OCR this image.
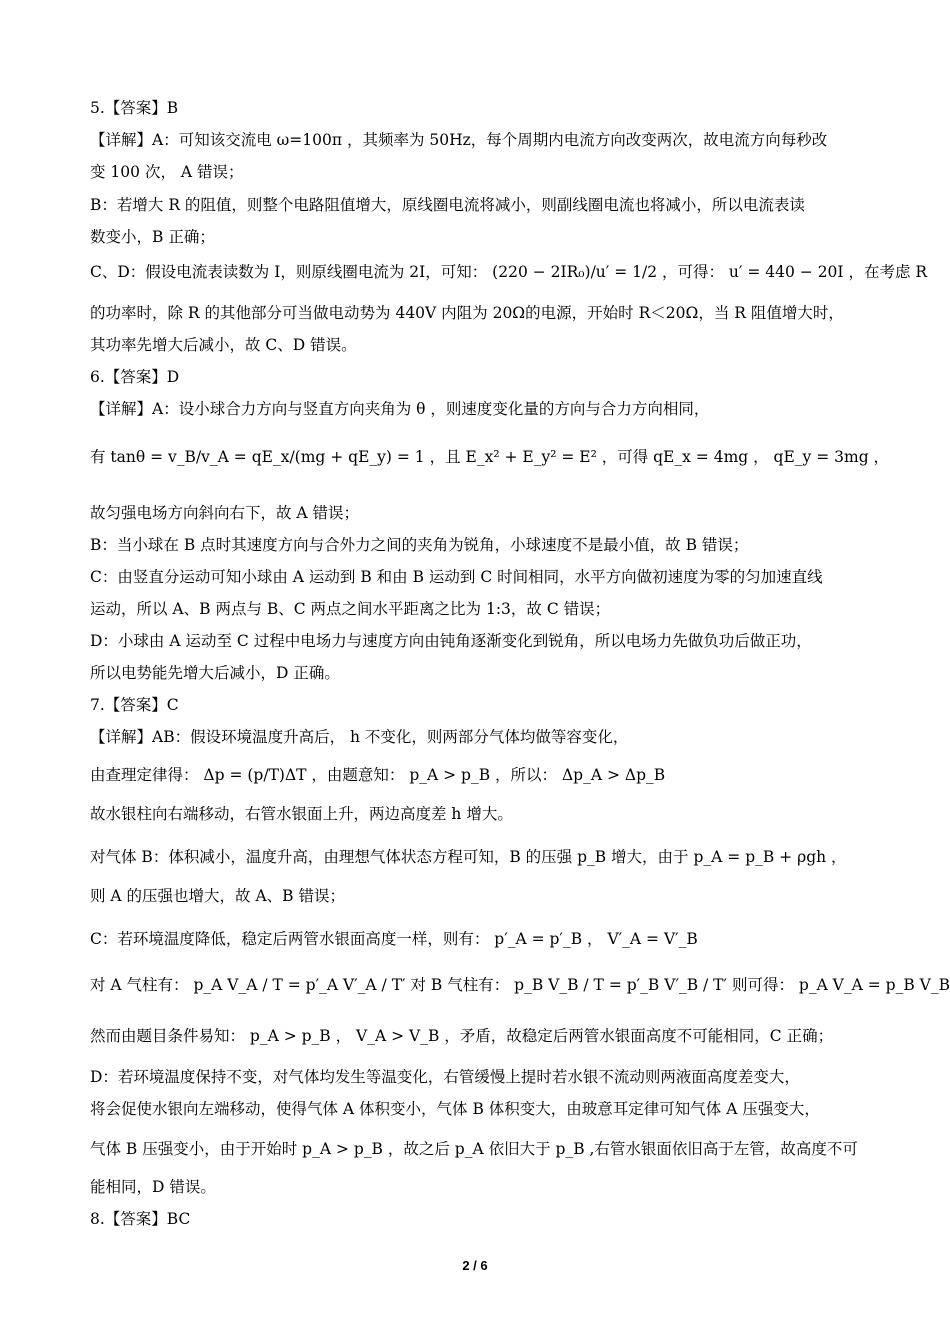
5.【答案】B
【详解】A：可知该交流电 ω=100π ，其频率为 50Hz，每个周期内电流方向改变两次，故电流方向每秒改
变 100 次， A 错误；
B：若增大 R 的阻值，则整个电路阻值增大，原线圈电流将减小，则副线圈电流也将减小，所以电流表读
数变小，B 正确；
C、D：假设电流表读数为 I，则原线圈电流为 2I，可知： (220 − 2IR₀)/u′ = 1/2 ，可得： u′ = 440 − 20I ，在考虑 R
的功率时，除 R 的其他部分可当做电动势为 440V 内阻为 20Ω的电源，开始时 R＜20Ω，当 R 阻值增大时，
其功率先增大后减小，故 C、D 错误。
6.【答案】D
【详解】A：设小球合力方向与竖直方向夹角为 θ ，则速度变化量的方向与合力方向相同，
有 tanθ = v_B/v_A = qE_x/(mg + qE_y) = 1 ，且 E_x² + E_y² = E² ，可得 qE_x = 4mg ， qE_y = 3mg ，
故匀强电场方向斜向右下，故 A 错误；
B：当小球在 B 点时其速度方向与合外力之间的夹角为锐角，小球速度不是最小值，故 B 错误；
C：由竖直分运动可知小球由 A 运动到 B 和由 B 运动到 C 时间相同，水平方向做初速度为零的匀加速直线
运动，所以 A、B 两点与 B、C 两点之间水平距离之比为 1:3，故 C 错误；
D：小球由 A 运动至 C 过程中电场力与速度方向由钝角逐渐变化到锐角，所以电场力先做负功后做正功，
所以电势能先增大后减小，D 正确。
7.【答案】C
【详解】AB：假设环境温度升高后， h 不变化，则两部分气体均做等容变化，
由查理定律得： Δp = (p/T)ΔT ，由题意知： p_A > p_B ，所以： Δp_A > Δp_B
故水银柱向右端移动，右管水银面上升，两边高度差 h 增大。
对气体 B：体积减小，温度升高，由理想气体状态方程可知，B 的压强 p_B 增大，由于 p_A = p_B + ρgh ，
则 A 的压强也增大，故 A、B 错误；
C：若环境温度降低，稳定后两管水银面高度一样，则有： p′_A = p′_B ， V′_A = V′_B
对 A 气柱有： p_A V_A / T = p′_A V′_A / T′ 对 B 气柱有： p_B V_B / T = p′_B V′_B / T′ 则可得： p_A V_A = p_B V_B
然而由题目条件易知： p_A > p_B ， V_A > V_B ，矛盾，故稳定后两管水银面高度不可能相同，C 正确；
D：若环境温度保持不变，对气体均发生等温变化，右管缓慢上提时若水银不流动则两液面高度差变大，
将会促使水银向左端移动，使得气体 A 体积变小，气体 B 体积变大，由玻意耳定律可知气体 A 压强变大，
气体 B 压强变小，由于开始时 p_A > p_B ，故之后 p_A 依旧大于 p_B ,右管水银面依旧高于左管，故高度不可
能相同，D 错误。
8.【答案】BC
2 / 6
